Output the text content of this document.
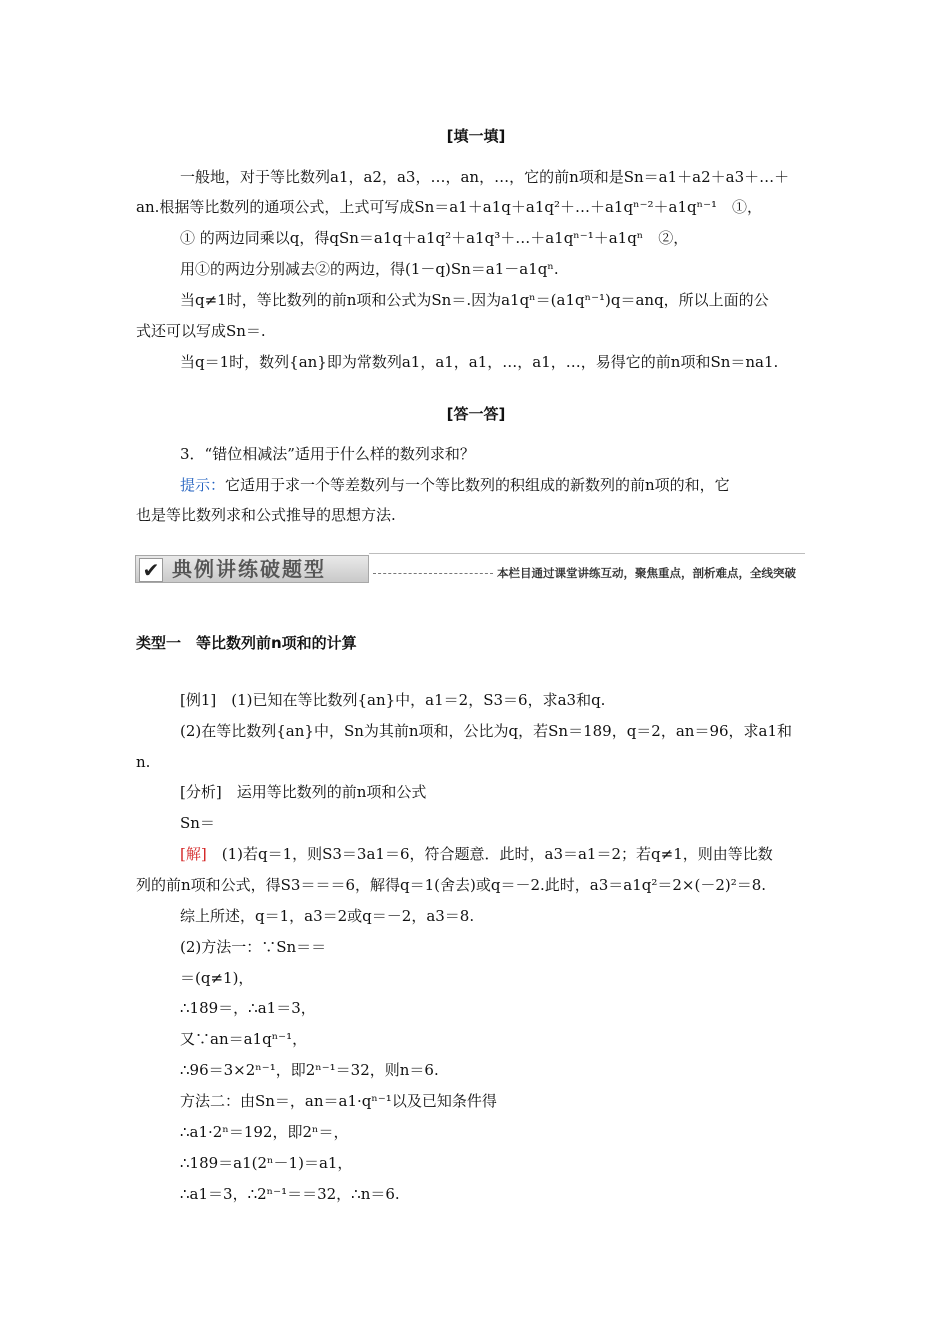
[填一填]
一般地，对于等比数列a1，a2，a3，…，an，…，它的前n项和是Sn＝a1＋a2＋a3＋…＋
an.根据等比数列的通项公式，上式可写成Sn＝a1＋a1q＋a1q²＋…＋a1qⁿ⁻²＋a1qⁿ⁻¹　①，
① 的两边同乘以q，得qSn＝a1q＋a1q²＋a1q³＋…＋a1qⁿ⁻¹＋a1qⁿ　②，
用①的两边分别减去②的两边，得(1－q)Sn＝a1－a1qⁿ.
当q≠1时，等比数列的前n项和公式为Sn＝.因为a1qⁿ＝(a1qⁿ⁻¹)q＝anq，所以上面的公
式还可以写成Sn＝.
当q＝1时，数列{an}即为常数列a1，a1，a1，…，a1，…，易得它的前n项和Sn＝na1.
[答一答]
3．“错位相减法”适用于什么样的数列求和？
提示：它适用于求一个等差数列与一个等比数列的积组成的新数列的前n项的和，它
也是等比数列求和公式推导的思想方法.
✔ 典例讲练破题型	本栏目通过课堂讲练互动，聚焦重点，剖析难点，全线突破
类型一　等比数列前n项和的计算
[例1]　(1)已知在等比数列{an}中，a1＝2，S3＝6，求a3和q.
(2)在等比数列{an}中，Sn为其前n项和，公比为q，若Sn＝189，q＝2，an＝96，求a1和
n.
[分析]　运用等比数列的前n项和公式
Sn＝
[解]　(1)若q＝1，则S3＝3a1＝6，符合题意．此时，a3＝a1＝2；若q≠1，则由等比数
列的前n项和公式，得S3＝＝＝6，解得q＝1(舍去)或q＝－2.此时，a3＝a1q²＝2×(－2)²＝8.
综上所述，q＝1，a3＝2或q＝－2，a3＝8.
(2)方法一：∵Sn＝＝
＝(q≠1)，
∴189＝，∴a1＝3，
又∵an＝a1qⁿ⁻¹，
∴96＝3×2ⁿ⁻¹，即2ⁿ⁻¹＝32，则n＝6.
方法二：由Sn＝，an＝a1·qⁿ⁻¹以及已知条件得
∴a1·2ⁿ＝192，即2ⁿ＝，
∴189＝a1(2ⁿ－1)＝a1，
∴a1＝3，∴2ⁿ⁻¹＝＝32，∴n＝6.
